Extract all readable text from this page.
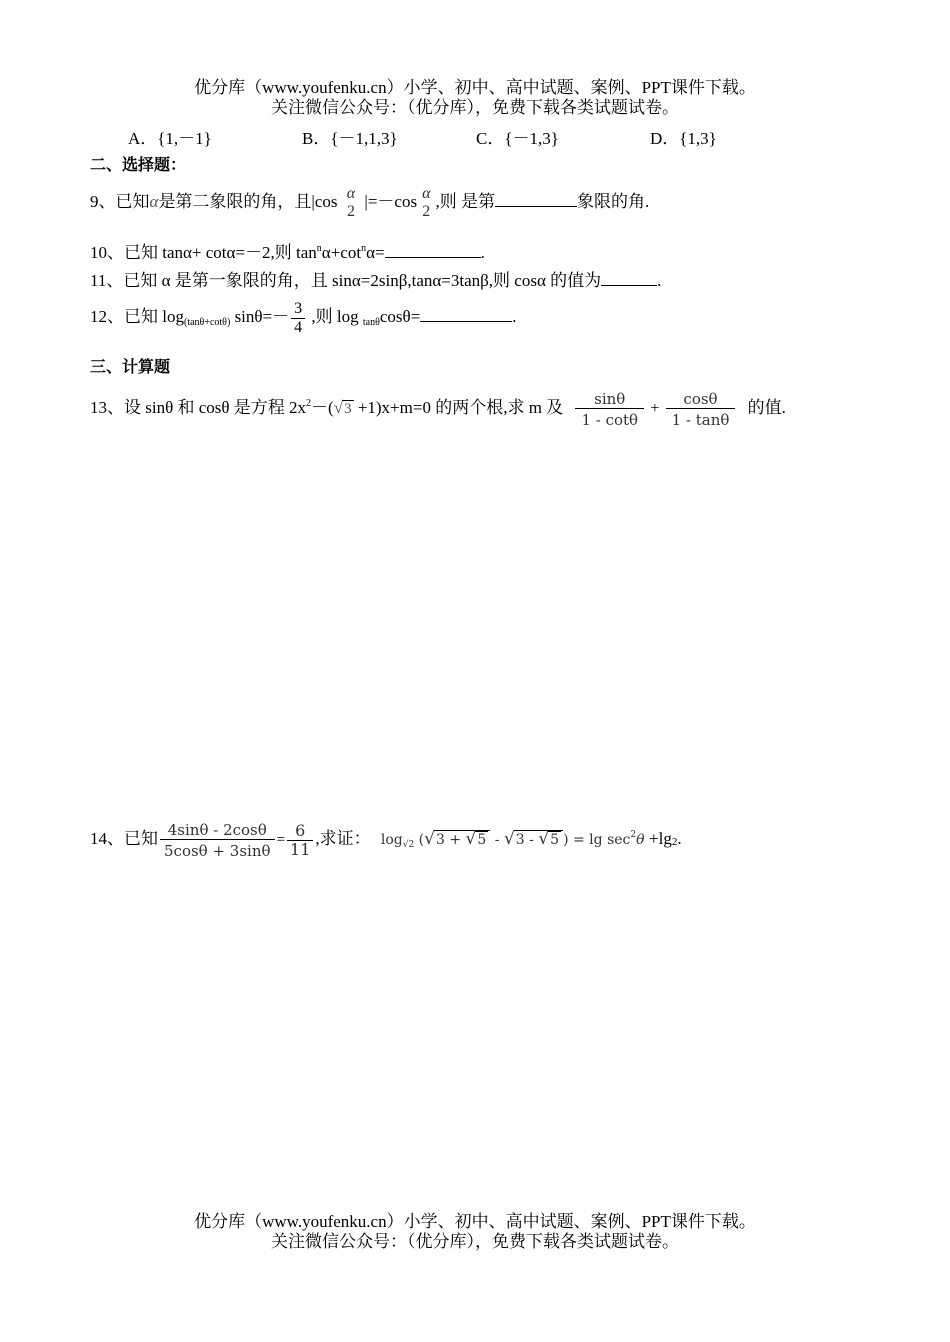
优分库（www.youfenku.cn）小学、初中、高中试题、案例、PPT课件下载。
关注微信公众号：（优分库），免费下载各类试题试卷。
A．{1,－1}	B．{－1,1,3}	C．{－1,3}	D．{1,3}
二、选择题：
9、已知α是第二象限的角，且|cos α
2
|=－cos α
2
,则 是第	象限的角.
10、已知 tanα+ cotα=－2,则 $\tan^n\alpha+\cot^n\alpha=$	.
11、已知 α 是第一象限的角，且 sinα=2sinβ,tanα=3tanβ,则 cosα 的值为	.
12、已知 $\log_{(tan\theta+cot\theta)} \sin\theta=- \frac{3}{4}$ ,则 log $_{tan\theta}$cosθ=	.
三、计算题
13、设 sinθ 和 cosθ 是方程 $2x^2-(√3 +1)x+m=0$ 的两个根,求 m 及 $\frac{\sin\theta}{1 - \cot\theta} + \frac{\cos\theta}{1 - \tan\theta}$ 的值.
14、已知 $\frac{4\sin\theta - 2\cos\theta}{5\cos\theta + 3\sin\theta} = \frac{6}{11}$ ,求证： $\log_{√2} (√3 + √5 - √3 - √5$ ) = $\lg \sec^2\theta +\lg 2$.
优分库（www.youfenku.cn）小学、初中、高中试题、案例、PPT课件下载。
关注微信公众号：（优分库），免费下载各类试题试卷。
